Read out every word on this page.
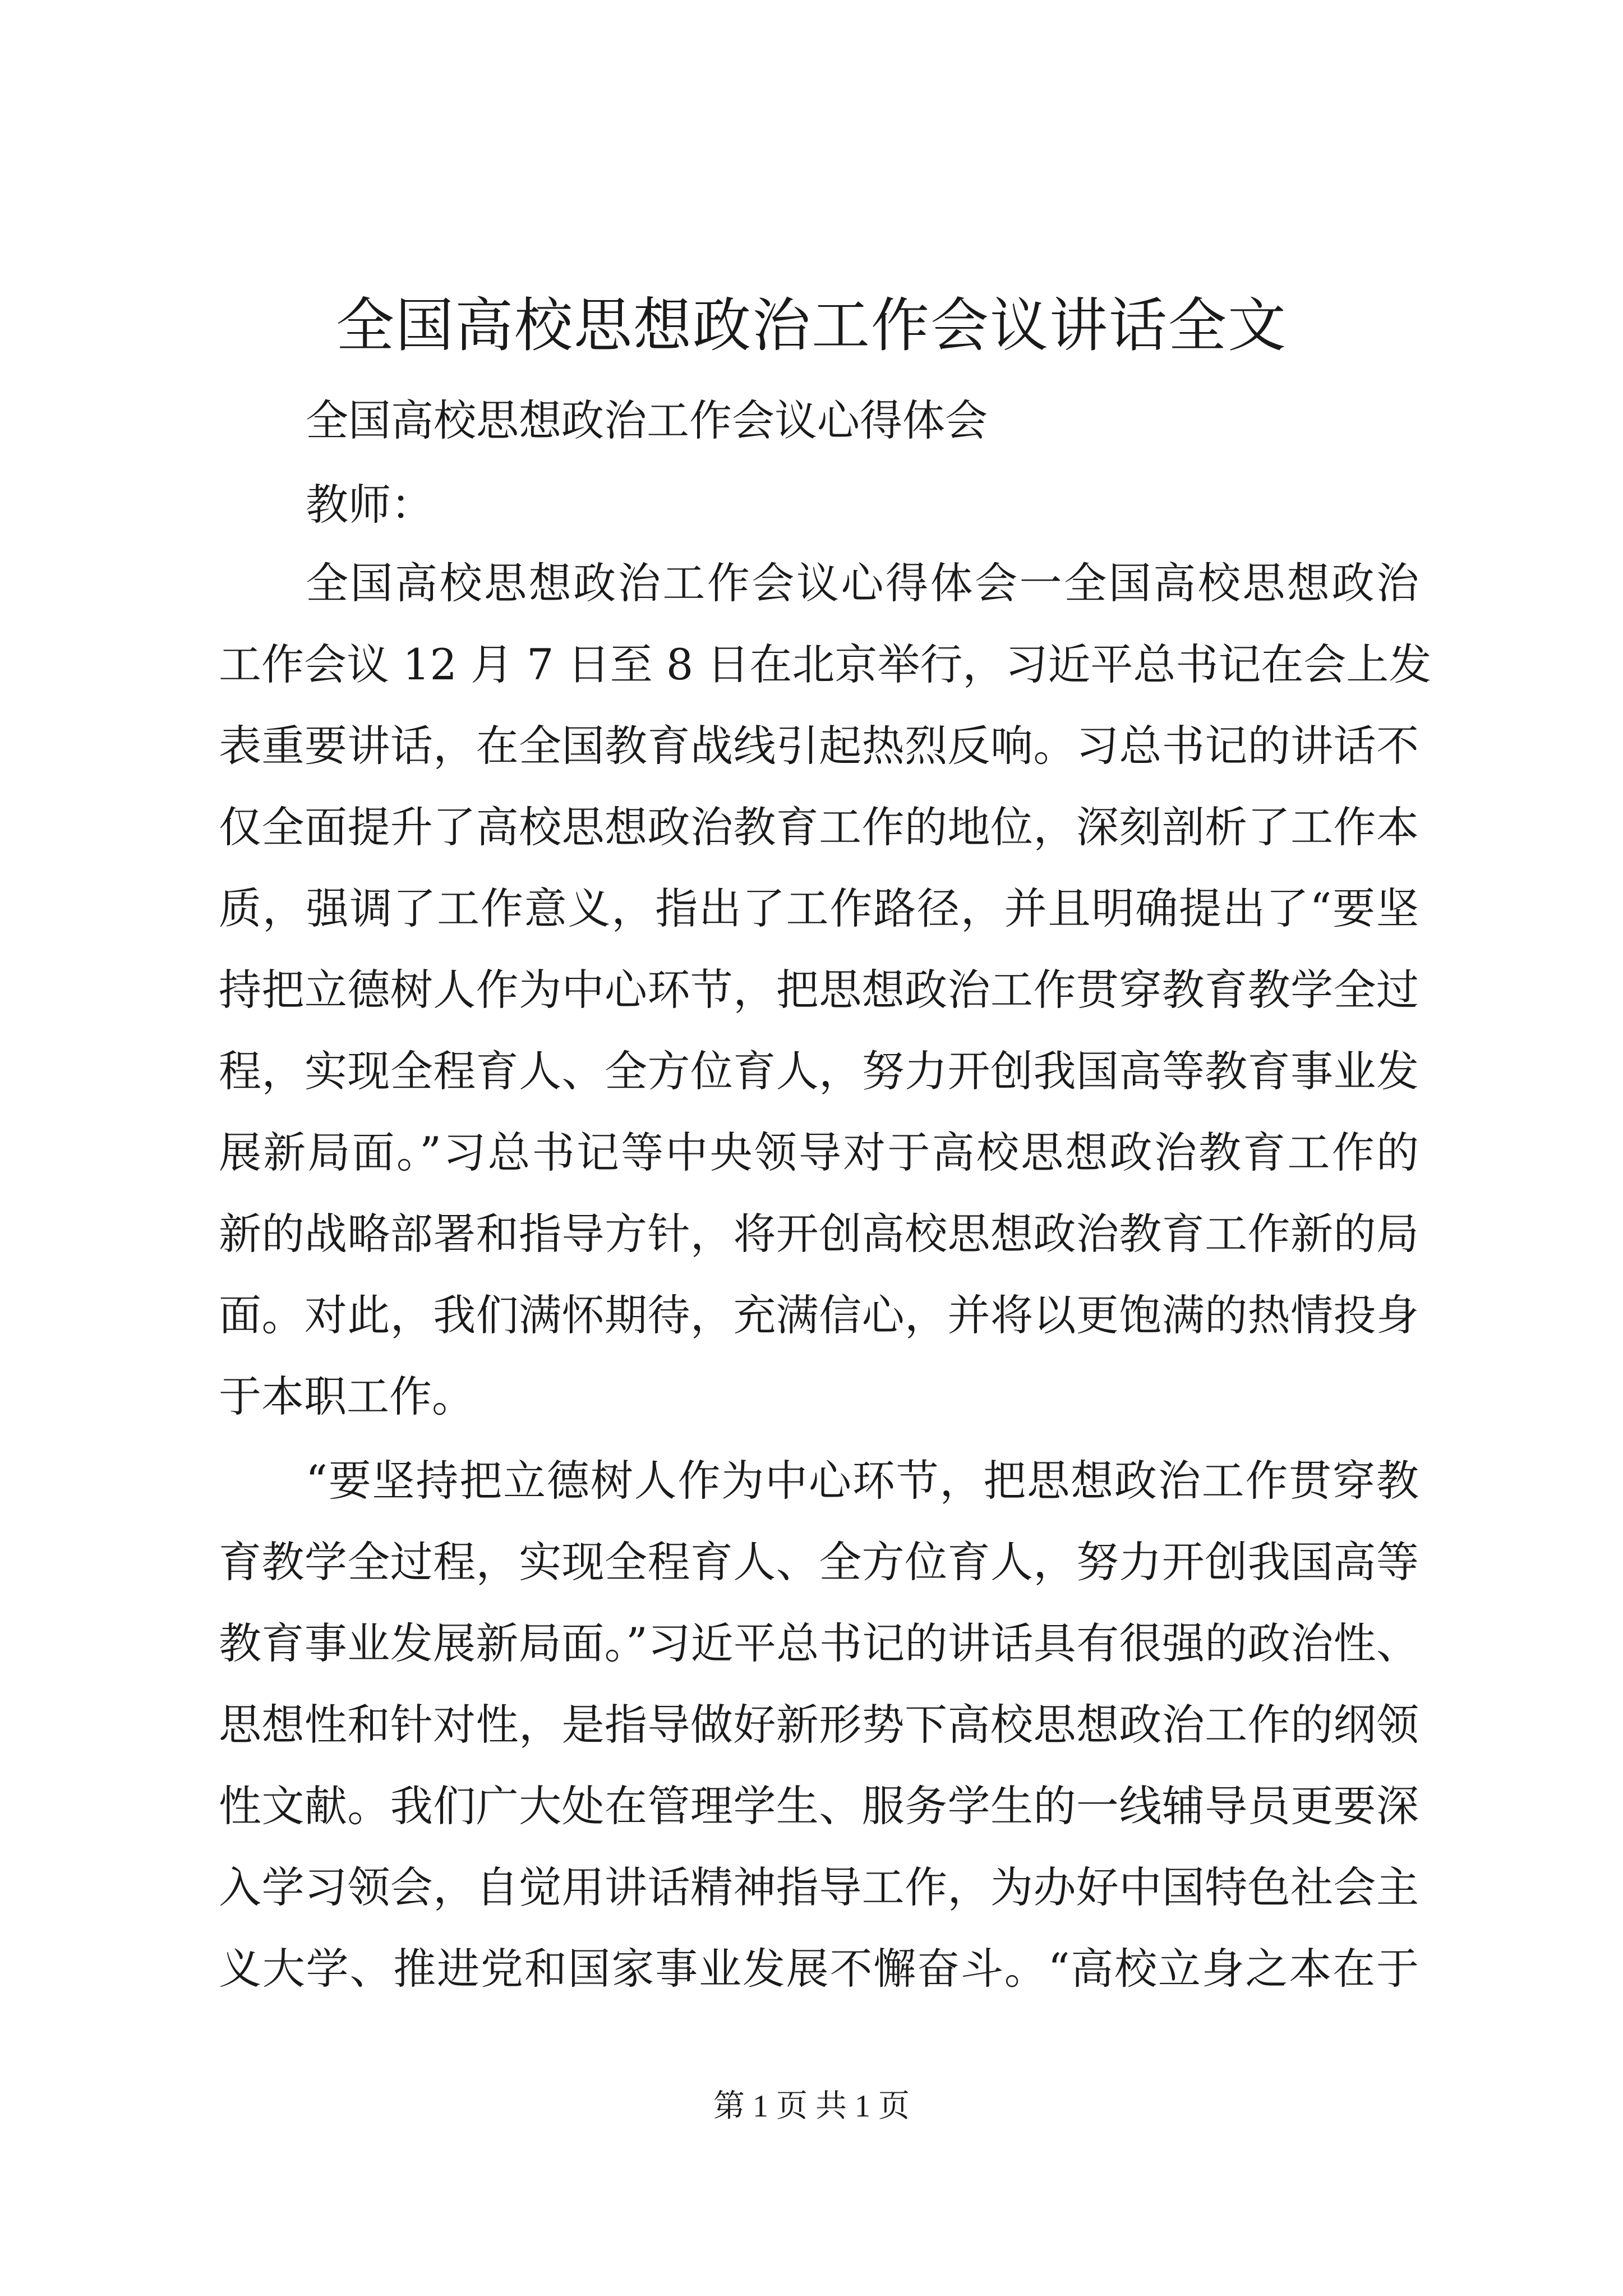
全国高校思想政治工作会议讲话全文

全国高校思想政治工作会议心得体会

教师：

全国高校思想政治工作会议心得体会一全国高校思想政治

工作会议 12 月 7 日至 8 日在北京举行，习近平总书记在会上发

表重要讲话，在全国教育战线引起热烈反响。习总书记的讲话不

仅全面提升了高校思想政治教育工作的地位，深刻剖析了工作本

质，强调了工作意义，指出了工作路径，并且明确提出了“要坚

持把立德树人作为中心环节，把思想政治工作贯穿教育教学全过

程，实现全程育人、全方位育人，努力开创我国高等教育事业发

展新局面。”习总书记等中央领导对于高校思想政治教育工作的

新的战略部署和指导方针，将开创高校思想政治教育工作新的局

面。对此，我们满怀期待，充满信心，并将以更饱满的热情投身

于本职工作。

“要坚持把立德树人作为中心环节，把思想政治工作贯穿教

育教学全过程，实现全程育人、全方位育人，努力开创我国高等

教育事业发展新局面。”习近平总书记的讲话具有很强的政治性、

思想性和针对性，是指导做好新形势下高校思想政治工作的纲领

性文献。我们广大处在管理学生、服务学生的一线辅导员更要深

入学习领会，自觉用讲话精神指导工作，为办好中国特色社会主

义大学、推进党和国家事业发展不懈奋斗。“高校立身之本在于

第 1 页 共 1 页
